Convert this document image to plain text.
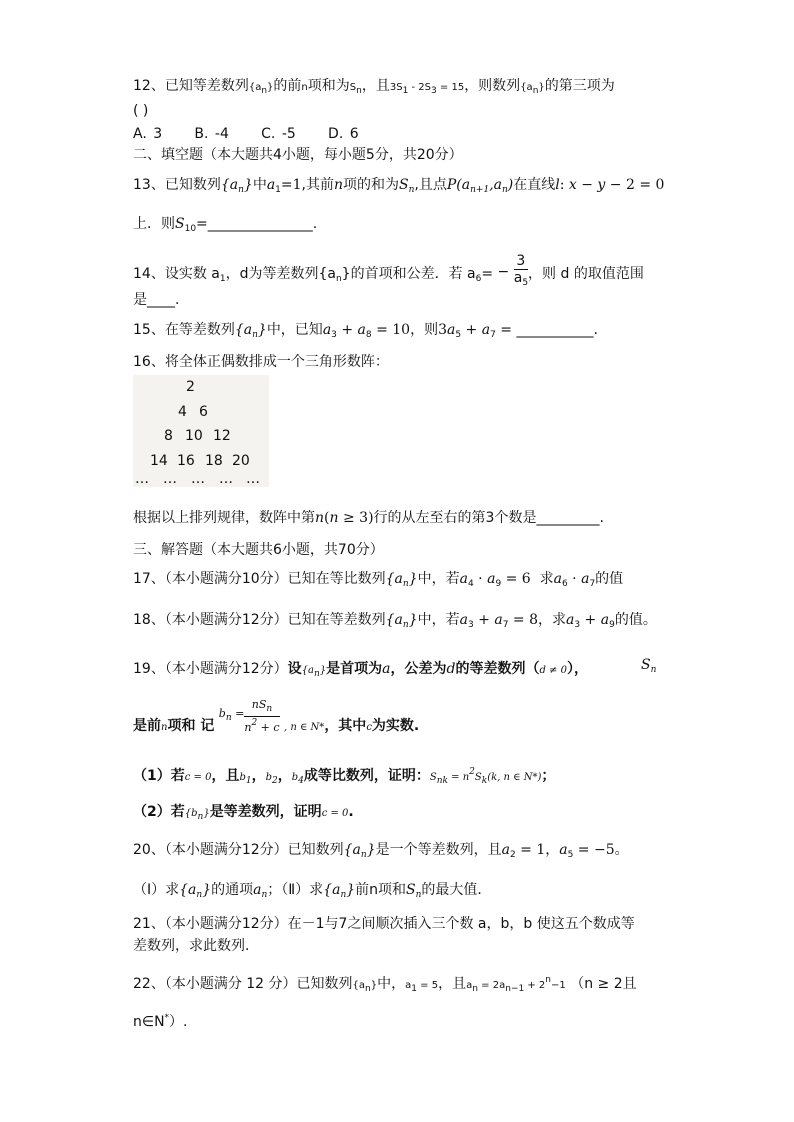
12、已知等差数列{an}的前n项和为Sn，且3S1 - 2S3 = 15，则数列{an}的第三项为
( )
A. 3 B. -4 C. -5 D. 6
二、填空题（本大题共4小题，每小题5分，共20分）
13、已知数列$\{a_n\}$中$a_1=1$,其前n项的和为$S_n$,且点$P(a_{n+1},a_n)$在直线l: x − y − 2 = 0
上．则$S_{10}=\_\_\_\_\_\_\_\_\_\_\_\_\_\_\_$.
14、设实数 $a_1$，d为等差数列$\{a_n\}$的首项和公差．若 $a_6= - \frac{3}{a_5}$ ，则 d 的取值范围
是____.
15、在等差数列$\{a_n\}$中，已知$a_3 + a_8 = 10$，则$3a_5 + a_7$ = ___________.
16、将全体正偶数排成一个三角形数阵：
2
4 6
8 10 12
14 16 18 20
… … … … …
根据以上排列规律，数阵中第n(n ≥ 3)行的从左至右的第3个数是_________.
三、解答题（本大题共6小题，共70分）
17、（本小题满分10分）已知在等比数列$\{a_n\}$中，若$a_4 \cdot a_9 = 6$  求$a_6 \cdot a_7$的值
18、（本小题满分12分）已知在等差数列$\{a_n\}$中，若$a_3 + a_7 = 8$，求$a_3 + a_9$的值。
19、（本小题满分12分）设{an}是首项为a，公差为d的等差数列（d ≠ 0），	$S_n$
是前n项和 记 $b_n$ =
$nS_n$
$n^2 + c$ , n ∈ N*，其中c为实数.
（1）若c = 0，且b1，b2，b4成等比数列，证明：Snk = n2Sk(k, n ∈ N*)；
（2）若{bn}是等差数列，证明c = 0.
20、（本小题满分12分）已知数列$\{a_n\}$是一个等差数列，且$a_2 = 1$，$a_5 = -5$。
（Ⅰ）求$\{a_n\}$的通项$a_n$；（Ⅱ）求$\{a_n\}$前n项和$S_n$的最大值．
21、（本小题满分12分）在－1与7之间顺次插入三个数 a，b，b 使这五个数成等
差数列，求此数列．
22、（本小题满分 12 分）已知数列{an}中，a1 = 5，且an = 2an−1 + 2n−1 （n ≥ 2且
n∈N*）.
